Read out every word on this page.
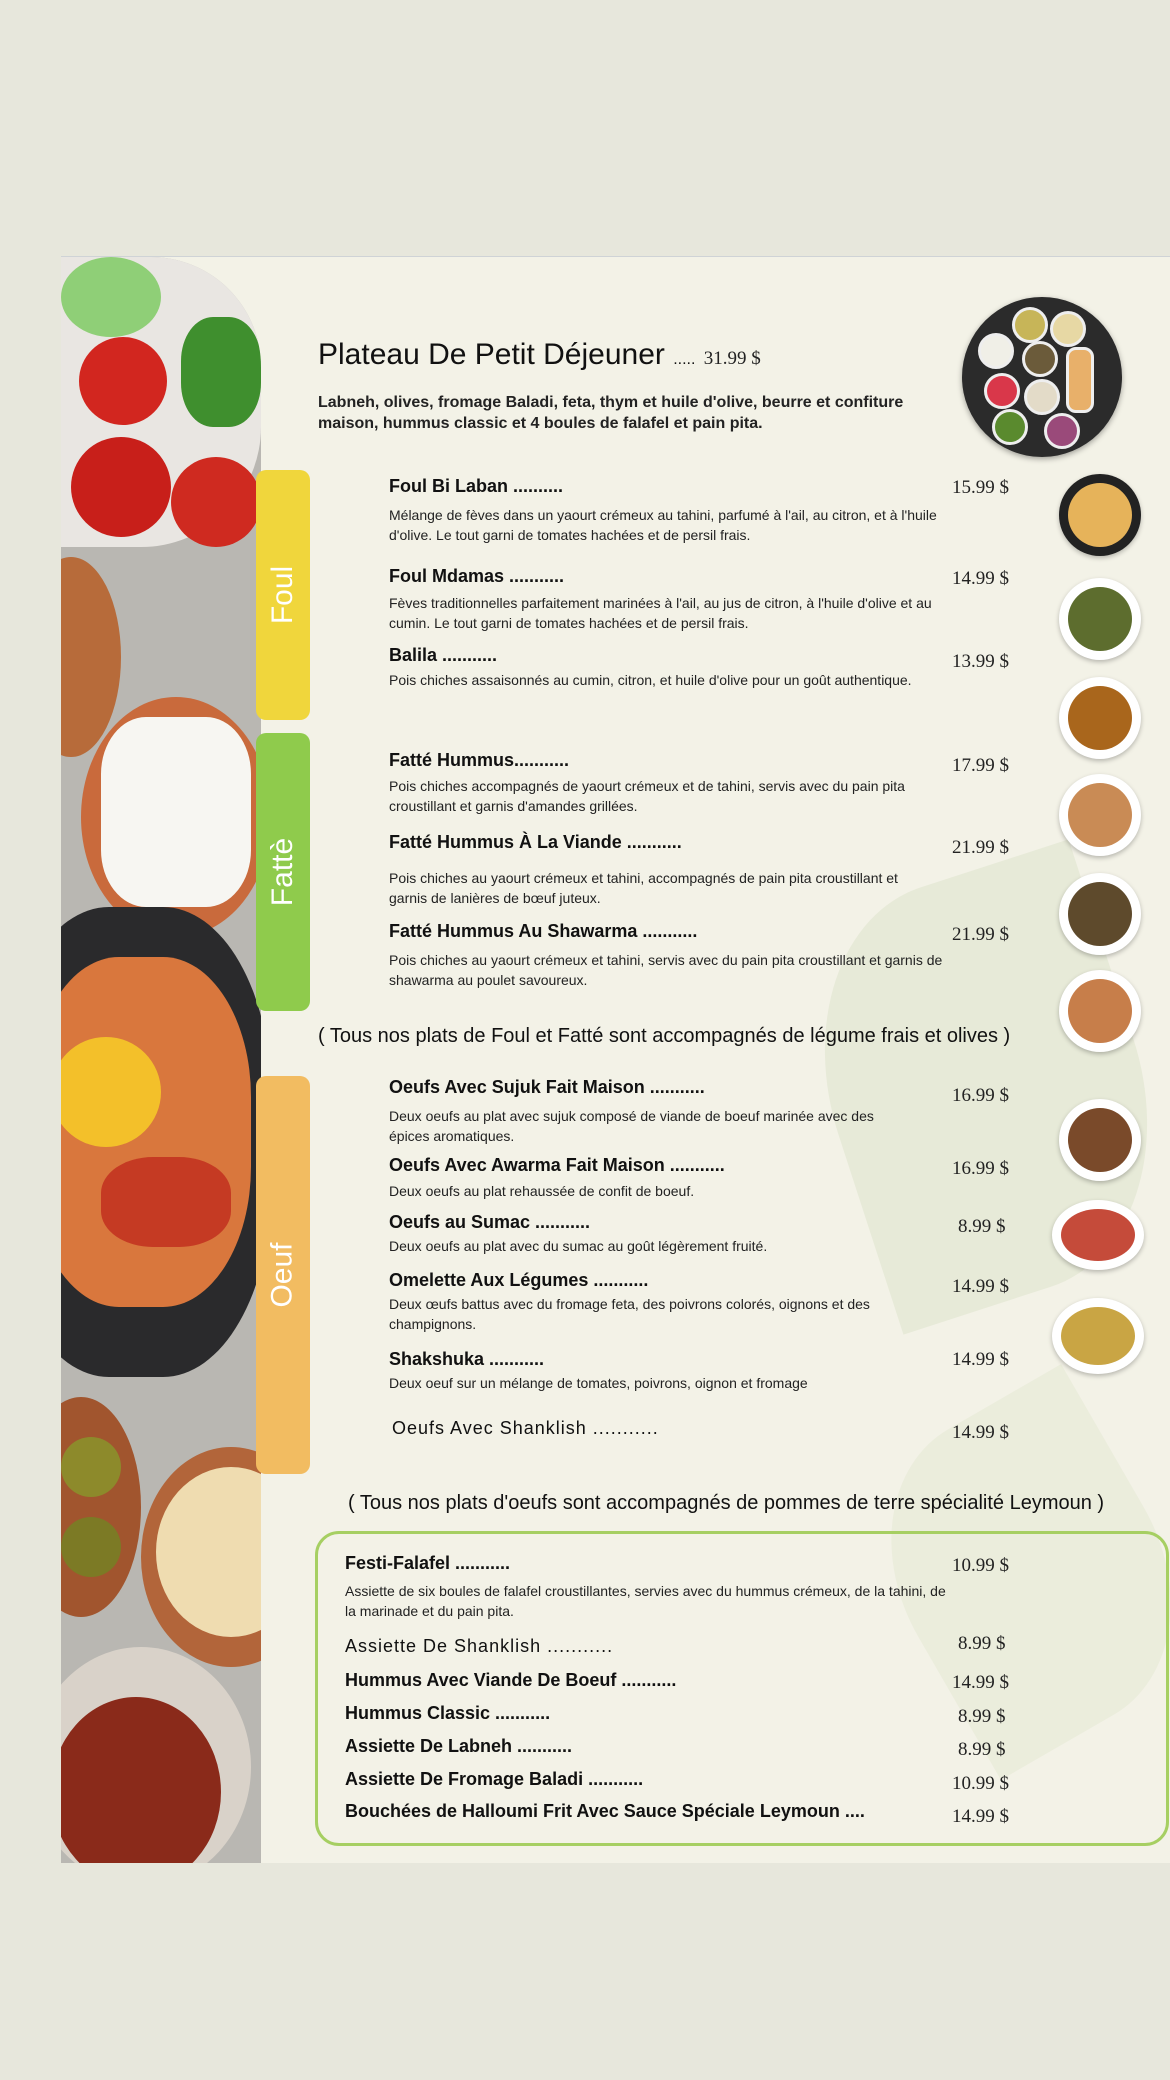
Plateau De Petit Déjeuner ..... 31.99 $
Labneh, olives, fromage Baladi, feta, thym et huile d'olive, beurre et confiture maison, hummus classic et 4 boules de falafel et pain pita.
Foul
Fattè
Oeuf
Foul Bi Laban ..........	15.99 $
Mélange de fèves dans un yaourt crémeux au tahini, parfumé à l'ail, au citron, et à l'huile d'olive. Le tout garni de tomates hachées et de persil frais.
Foul Mdamas ...........	14.99 $
Fèves traditionnelles parfaitement marinées à l'ail, au jus de citron, à l'huile d'olive et au cumin. Le tout garni de tomates hachées et de persil frais.
Balila ...........	13.99 $
Pois chiches assaisonnés au cumin, citron, et huile d'olive pour un goût authentique.
Fatté Hummus...........	17.99 $
Pois chiches accompagnés de yaourt crémeux et de tahini, servis avec du pain pita croustillant et garnis d'amandes grillées.
Fatté Hummus À La Viande ...........	21.99 $
Pois chiches au yaourt crémeux et tahini, accompagnés de pain pita croustillant et garnis de lanières de bœuf juteux.
Fatté Hummus Au Shawarma ...........	21.99 $
Pois chiches au yaourt crémeux et tahini, servis avec du pain pita croustillant et garnis de shawarma au poulet savoureux.
( Tous nos plats de Foul et Fatté sont accompagnés de légume frais et olives )
Oeufs Avec Sujuk Fait Maison ...........	16.99 $
Deux oeufs au plat avec sujuk composé de viande de boeuf marinée avec des épices aromatiques.
Oeufs Avec Awarma Fait Maison ...........	16.99 $
Deux oeufs au plat rehaussée de confit de boeuf.
Oeufs au Sumac ...........	8.99 $
Deux oeufs au plat avec du sumac au goût légèrement fruité.
Omelette Aux Légumes ...........	14.99 $
Deux œufs battus avec du fromage feta, des poivrons colorés, oignons et des champignons.
Shakshuka ...........	14.99 $
Deux oeuf sur un mélange de tomates, poivrons, oignon et fromage
Oeufs Avec Shanklish ...........	14.99 $
( Tous nos plats d'oeufs sont accompagnés de pommes de terre spécialité Leymoun )
Festi-Falafel ...........	10.99 $
Assiette de six boules de falafel croustillantes, servies avec du hummus crémeux, de la tahini, de la marinade et du pain pita.
Assiette De Shanklish ...........	8.99 $
Hummus Avec Viande De Boeuf ...........	14.99 $
Hummus Classic ...........	8.99 $
Assiette De Labneh ...........	8.99 $
Assiette De Fromage Baladi ...........	10.99 $
Bouchées de Halloumi Frit Avec Sauce Spéciale Leymoun ....	14.99 $
